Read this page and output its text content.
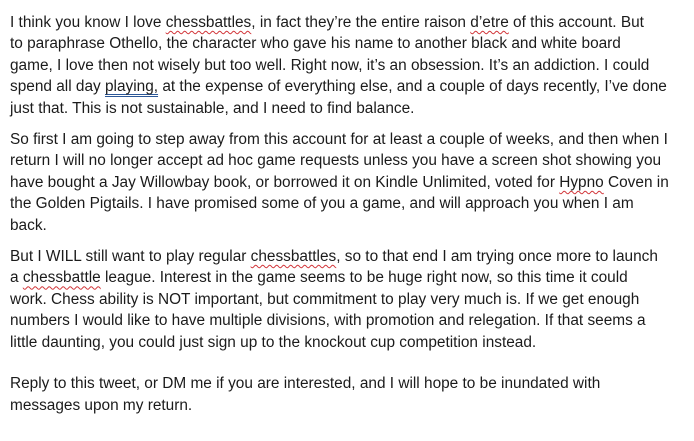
I think you know I love chessbattles, in fact they’re the entire raison d’etre of this account. But
to paraphrase Othello, the character who gave his name to another black and white board
game, I love then not wisely but too well. Right now, it’s an obsession. It’s an addiction. I could
spend all day playing, at the expense of everything else, and a couple of days recently, I’ve done
just that. This is not sustainable, and I need to find balance.

So first I am going to step away from this account for at least a couple of weeks, and then when I
return I will no longer accept ad hoc game requests unless you have a screen shot showing you
have bought a Jay Willowbay book, or borrowed it on Kindle Unlimited, voted for Hypno Coven in
the Golden Pigtails. I have promised some of you a game, and will approach you when I am
back.

But I WILL still want to play regular chessbattles, so to that end I am trying once more to launch
a chessbattle league. Interest in the game seems to be huge right now, so this time it could
work. Chess ability is NOT important, but commitment to play very much is. If we get enough
numbers I would like to have multiple divisions, with promotion and relegation. If that seems a
little daunting, you could just sign up to the knockout cup competition instead.

Reply to this tweet, or DM me if you are interested, and I will hope to be inundated with
messages upon my return.
